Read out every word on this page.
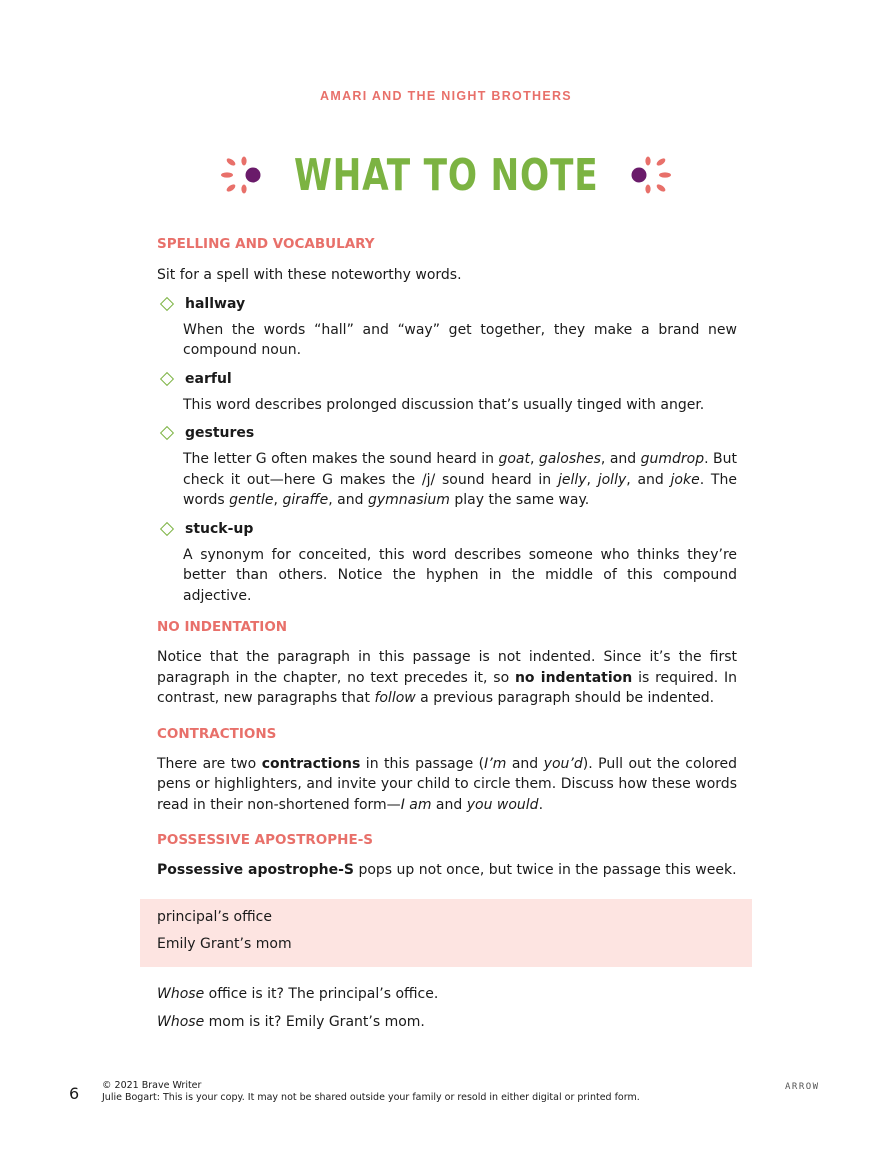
AMARI AND THE NIGHT BROTHERS
WHAT TO NOTE
SPELLING AND VOCABULARY

Sit for a spell with these noteworthy words.

hallway

When the words “hall” and “way” get together, they make a brand new compound noun.

earful

This word describes prolonged discussion that’s usually tinged with anger.

gestures

The letter G often makes the sound heard in goat, galoshes, and gumdrop. But check it out—here G makes the /j/ sound heard in jelly, jolly, and joke. The words gentle, giraffe, and gymnasium play the same way.

stuck-up

A synonym for conceited, this word describes someone who thinks they’re better than others. Notice the hyphen in the middle of this compound adjective.

NO INDENTATION

Notice that the paragraph in this passage is not indented. Since it’s the first paragraph in the chapter, no text precedes it, so no indentation is required. In contrast, new paragraphs that follow a previous paragraph should be indented.

CONTRACTIONS

There are two contractions in this passage (I’m and you’d). Pull out the colored pens or highlighters, and invite your child to circle them. Discuss how these words read in their non-shortened form—I am and you would.

POSSESSIVE APOSTROPHE-S

Possessive apostrophe-S pops up not once, but twice in the passage this week.

principal’s office
Emily Grant’s mom

Whose office is it? The principal’s office.

Whose mom is it? Emily Grant’s mom.

6 © 2021 Brave Writer
Julie Bogart: This is your copy. It may not be shared outside your family or resold in either digital or printed form.
ARROW
